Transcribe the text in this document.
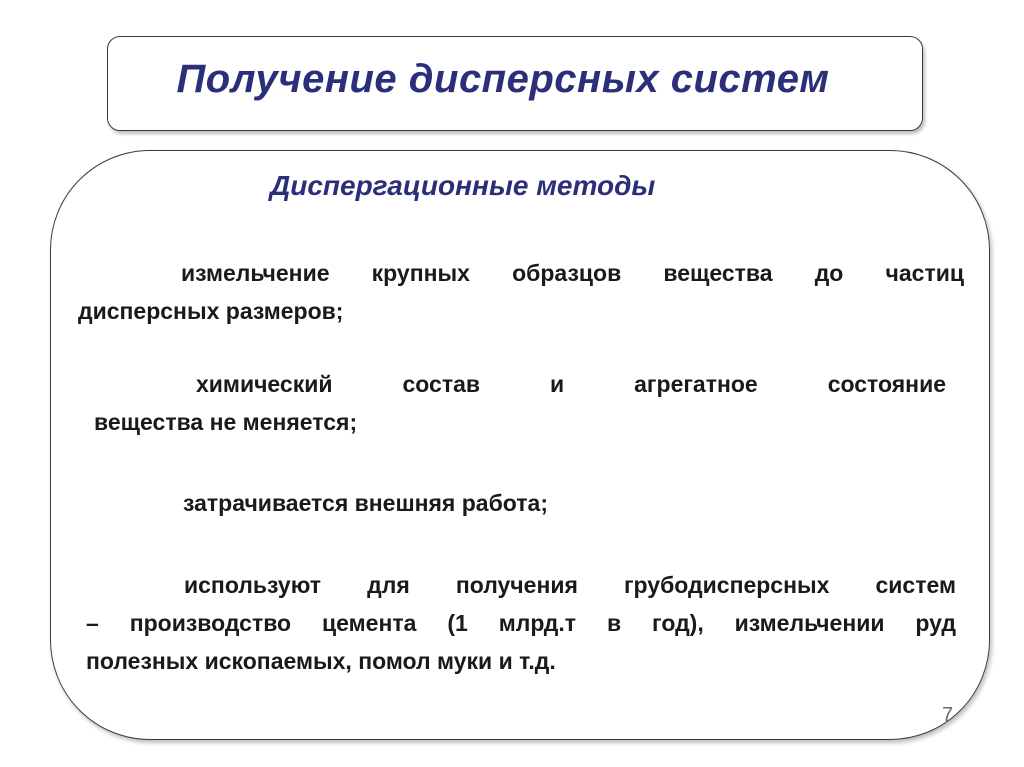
Получение дисперсных систем
Диспергационные методы

измельчение крупных образцов вещества до частиц
дисперсных размеров;

химический состав и агрегатное состояние
вещества не меняется;

затрачивается внешняя работа;

используют для получения грубодисперсных систем
– производство цемента (1 млрд.т в год), измельчении руд
полезных ископаемых, помол муки и т.д.

7
